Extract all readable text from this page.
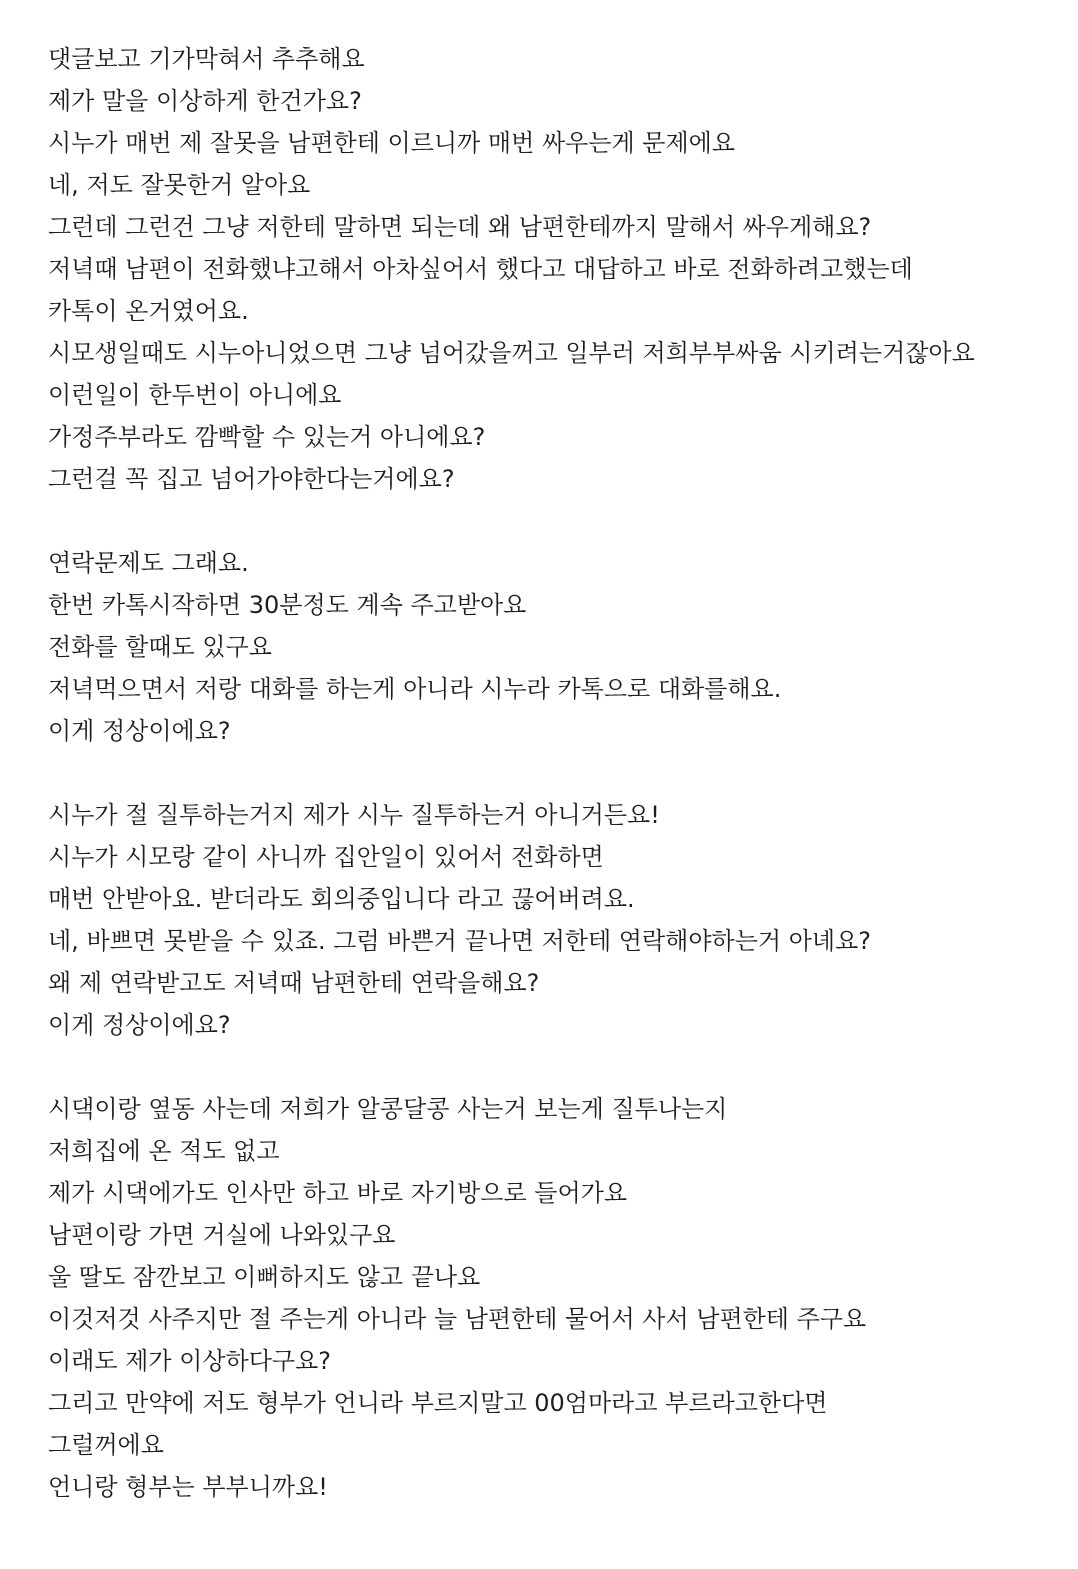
댓글보고 기가막혀서 추추해요
제가 말을 이상하게 한건가요?
시누가 매번 제 잘못을 남편한테 이르니까 매번 싸우는게 문제에요
네, 저도 잘못한거 알아요
그런데 그런건 그냥 저한테 말하면 되는데 왜 남편한테까지 말해서 싸우게해요?
저녁때 남편이 전화했냐고해서 아차싶어서 했다고 대답하고 바로 전화하려고했는데
카톡이 온거였어요.
시모생일때도 시누아니었으면 그냥 넘어갔을꺼고 일부러 저희부부싸움 시키려는거잖아요
이런일이 한두번이 아니에요
가정주부라도 깜빡할 수 있는거 아니에요?
그런걸 꼭 집고 넘어가야한다는거에요?
연락문제도 그래요.
한번 카톡시작하면 30분정도 계속 주고받아요
전화를 할때도 있구요
저녁먹으면서 저랑 대화를 하는게 아니라 시누라 카톡으로 대화를해요.
이게 정상이에요?
시누가 절 질투하는거지 제가 시누 질투하는거 아니거든요!
시누가 시모랑 같이 사니까 집안일이 있어서 전화하면
매번 안받아요. 받더라도 회의중입니다 라고 끊어버려요.
네, 바쁘면 못받을 수 있죠. 그럼 바쁜거 끝나면 저한테 연락해야하는거 아녜요?
왜 제 연락받고도 저녁때 남편한테 연락을해요?
이게 정상이에요?
시댁이랑 옆동 사는데 저희가 알콩달콩 사는거 보는게 질투나는지
저희집에 온 적도 없고
제가 시댁에가도 인사만 하고 바로 자기방으로 들어가요
남편이랑 가면 거실에 나와있구요
울 딸도 잠깐보고 이뻐하지도 않고 끝나요
이것저것 사주지만 절 주는게 아니라 늘 남편한테 물어서 사서 남편한테 주구요
이래도 제가 이상하다구요?
그리고 만약에 저도 형부가 언니라 부르지말고 00엄마라고 부르라고한다면
그럴꺼에요
언니랑 형부는 부부니까요!
